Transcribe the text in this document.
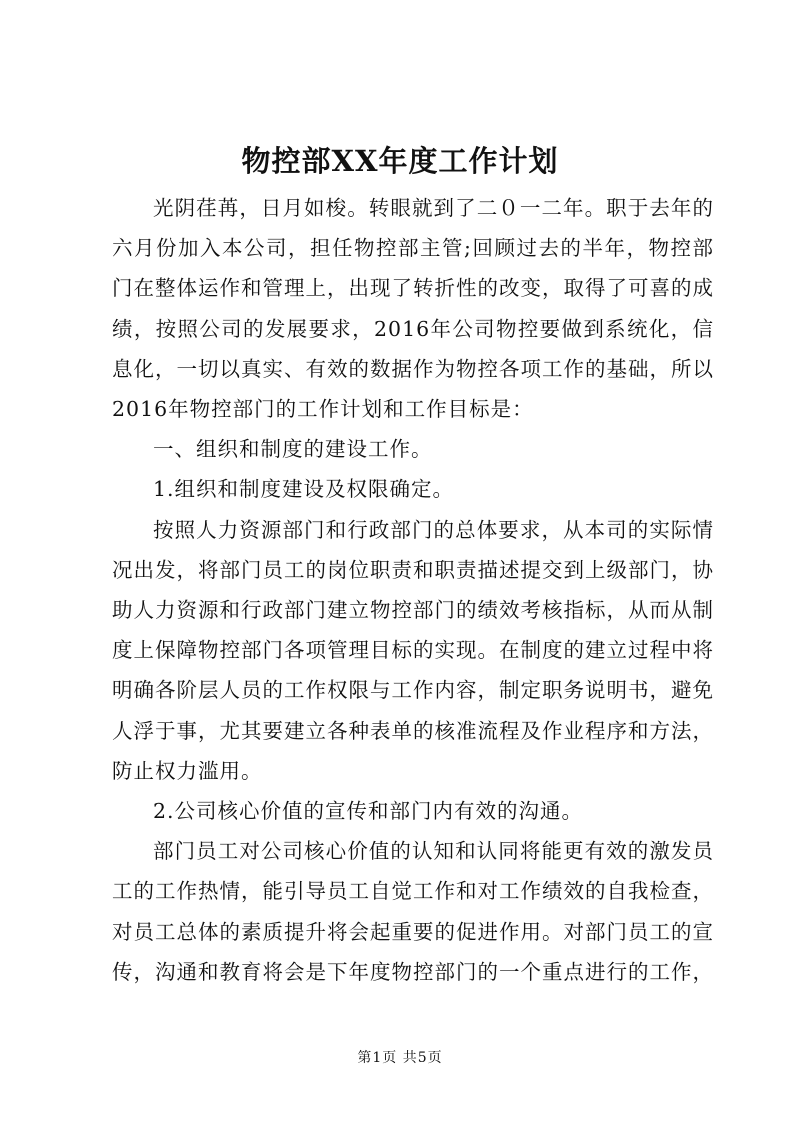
物控部XX年度工作计划

光阴荏苒，日月如梭。转眼就到了二０一二年。职于去年的六月份加入本公司，担任物控部主管;回顾过去的半年，物控部门在整体运作和管理上，出现了转折性的改变，取得了可喜的成绩，按照公司的发展要求，2016年公司物控要做到系统化，信息化，一切以真实、有效的数据作为物控各项工作的基础，所以2016年物控部门的工作计划和工作目标是：

一、组织和制度的建设工作。

1.组织和制度建设及权限确定。

按照人力资源部门和行政部门的总体要求，从本司的实际情况出发，将部门员工的岗位职责和职责描述提交到上级部门，协助人力资源和行政部门建立物控部门的绩效考核指标，从而从制度上保障物控部门各项管理目标的实现。在制度的建立过程中将明确各阶层人员的工作权限与工作内容，制定职务说明书，避免人浮于事，尤其要建立各种表单的核准流程及作业程序和方法，防止权力滥用。

2.公司核心价值的宣传和部门内有效的沟通。

部门员工对公司核心价值的认知和认同将能更有效的激发员工的工作热情，能引导员工自觉工作和对工作绩效的自我检查，对员工总体的素质提升将会起重要的促进作用。对部门员工的宣传，沟通和教育将会是下年度物控部门的一个重点进行的工作，

第1页 共5页
